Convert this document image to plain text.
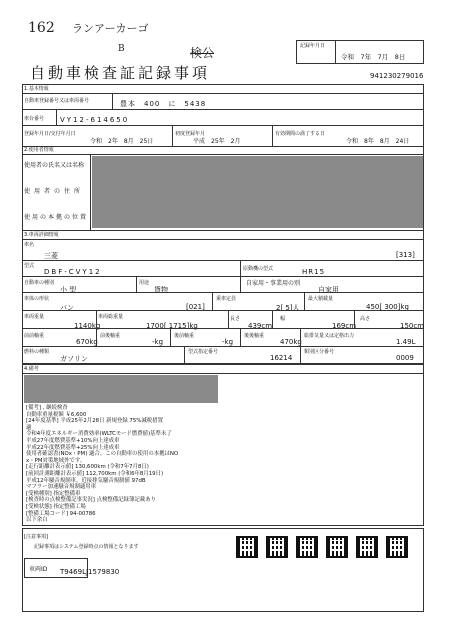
162 ランアーカーゴ
B	検公	記録年月日
令和　7年　7月　8日
自動車検査証記録事項	941230279016
1.基本情報
自動車登録番号又は車両番号	豊本　400　に　5438
車台番号 VY12-614650
登録年月日/交付年月日
令和　2年　8月　25日
初度登録年月
平成　25年　2月
有効期間の満了する日
令和　8年　8月　24日
2.使用者情報
使用者の氏名又は名称
使用者の住所
使用の本拠の位置
3.車両詳細情報
車名
三菱	[313]
型式
DBF-CVY12	原動機の型式	HR15
自動車の種別
小 型
用途
貨物
自家用・事業用の別
自家用
車体の形状
バン	[021]
乗車定員
2[ 5]人
最大積載量
450[ 300]kg
車両重量
1140kg
車両総重量
1700[ 1715]kg
長さ
439cm
幅
169cm
高さ
150cm
前前軸重
670kg
前後軸重
-kg
後前軸重
-kg
後後軸重
470kg
総排気量又は定格出力
1.49L
燃料の種類
ガソリン
型式指定番号
16214
類別区分番号
0009
4.備考
[備考] , 継続検査
自動車重量税額 ￥6,600
[24年度基準] 平成25年2月28日 新規登録 75%減税措置
適
令和4年度エネルギー消費効率(WLTCモード燃費値)基準未了
平成27年度燃費基準+10%向上達成車
平成22年度燃費基準+25%向上達成車
使用者確認書(NOx・PM) 適合。この自動車の使用の本拠はNO
x・PM対策地域外です。
[走行距離計表示値] 130,600km (令和7年7月8日)
[前回計測距離計表示値] 112,700km (令和6年8月19日)
平成12年騒音規制車。近接排気騒音規制値 97dB
マフラー加速騒音規制適用車
[受検種別] 指定整備車
[検査時の点検整備記事実況] 点検整備記録簿記載あり
[受検状態] 指定整備工場
[整備工場コード] 94-00786
以下余白
[注意事項]
記録事項はシステム登録時点の情報となります
車両ID T9469LJ1579830
